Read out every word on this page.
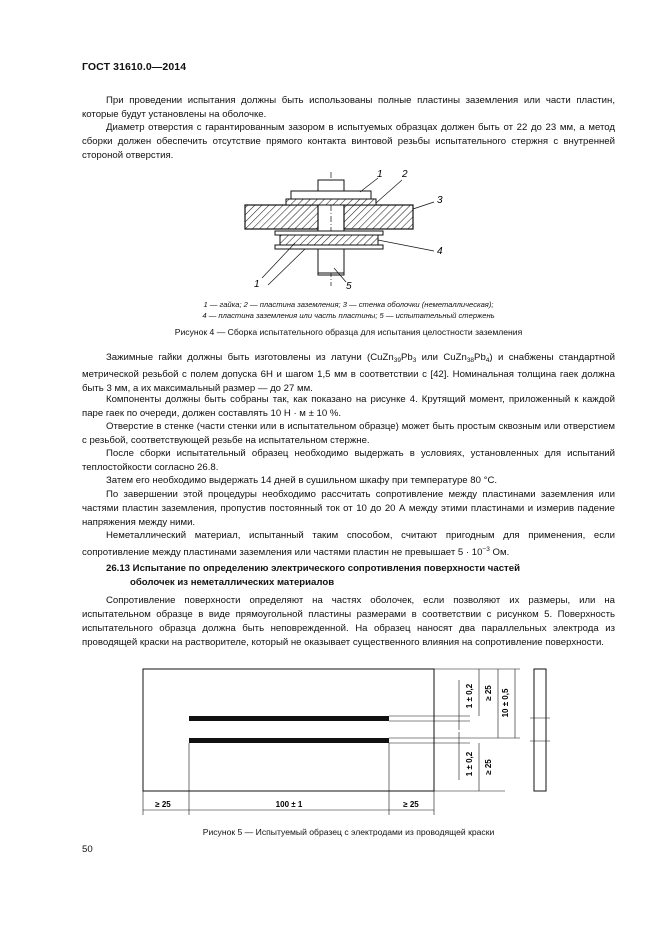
ГОСТ 31610.0—2014
При проведении испытания должны быть использованы полные пластины заземления или части пластин, которые будут установлены на оболочке.
Диаметр отверстия с гарантированным зазором в испытуемых образцах должен быть от 22 до 23 мм, а метод сборки должен обеспечить отсутствие прямого контакта винтовой резьбы испытательного стержня с внутренней стороной отверстия.
1 2
3
4
1	5
≥ 25	100 ± 1	≥ 25
1 ± 0,2
1 ± 0,2
≥ 25 10 ± 0,5
≥ 25
1 — гайка; 2 — пластина заземления; 3 — стенка оболочки (неметаллическая);
4 — пластина заземления или часть пластины; 5 — испытательный стержень
Рисунок 4 — Сборка испытательного образца для испытания целостности заземления
Зажимные гайки должны быть изготовлены из латуни ($CuZn_{39}Pb_3$ или $CuZn_{38}Pb_4$) и снабжены стандартной метрической резьбой с полем допуска 6Н и шагом 1,5 мм в соответствии с [42]. Номинальная толщина гаек должна быть 3 мм, а их максимальный размер — до 27 мм.
Компоненты должны быть собраны так, как показано на рисунке 4. Крутящий момент, приложенный к каждой паре гаек по очереди, должен составлять 10 Н · м ± 10 %.
Отверстие в стенке (части стенки или в испытательном образце) может быть простым сквозным или отверстием с резьбой, соответствующей резьбе на испытательном стержне.
После сборки испытательный образец необходимо выдержать в условиях, установленных для испытаний теплостойкости согласно 26.8.
Затем его необходимо выдержать 14 дней в сушильном шкафу при температуре 80 °С.
По завершении этой процедуры необходимо рассчитать сопротивление между пластинами заземления или частями пластин заземления, пропустив постоянный ток от 10 до 20 А между этими пластинами и измерив падение напряжения между ними.
Неметаллический материал, испытанный таким способом, считают пригодным для применения, если сопротивление между пластинами заземления или частями пластин не превышает $5 \cdot 10^{-3}$ Ом.
26.13 Испытание по определению электрического сопротивления поверхности частей
оболочек из неметаллических материалов
Сопротивление поверхности определяют на частях оболочек, если позволяют их размеры, или на испытательном образце в виде прямоугольной пластины размерами в соответствии с рисунком 5. Поверхность испытательного образца должна быть неповрежденной. На образец наносят два параллельных электрода из проводящей краски на растворителе, который не оказывает существенного влияния на сопротивление поверхности.
Рисунок 5 — Испытуемый образец с электродами из проводящей краски
50
